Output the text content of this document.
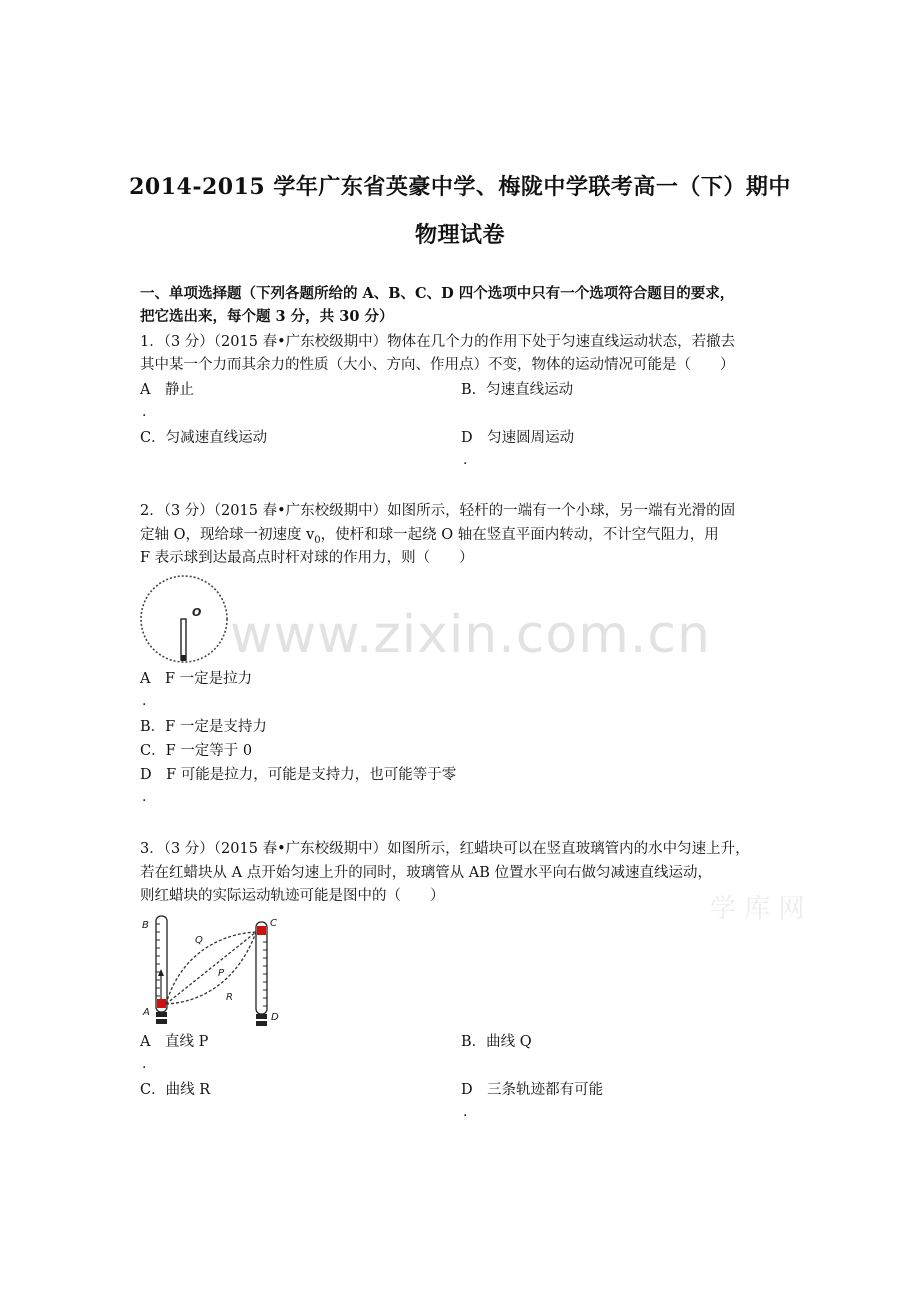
2014-2015 学年广东省英豪中学、梅陇中学联考高一（下）期中
物理试卷
一、单项选择题（下列各题所给的 A、B、C、D 四个选项中只有一个选项符合题目的要求，
把它选出来，每个题 3 分，共 30 分）
1．（3 分）（2015 春•广东校级期中）物体在几个力的作用下处于匀速直线运动状态，若撤去
其中某一个力而其余力的性质（大小、方向、作用点）不变，物体的运动情况可能是（　　）
A　静止	B．匀速直线运动
.
C．匀减速直线运动	D　匀速圆周运动
.
2．（3 分）（2015 春•广东校级期中）如图所示，轻杆的一端有一个小球，另一端有光滑的固
定轴 O，现给球一初速度 $v_0$，使杆和球一起绕 O 轴在竖直平面内转动，不计空气阻力，用
F 表示球到达最高点时杆对球的作用力，则（　　）
O
A　F 一定是拉力
.
B．F 一定是支持力
C．F 一定等于 0
D　F 可能是拉力，可能是支持力，也可能等于零
.
3．（3 分）（2015 春•广东校级期中）如图所示，红蜡块可以在竖直玻璃管内的水中匀速上升，
若在红蜡块从 A 点开始匀速上升的同时，玻璃管从 AB 位置水平向右做匀减速直线运动，
则红蜡块的实际运动轨迹可能是图中的（　　）
B	C
Q
P
R
A	D
A　直线 P	B．曲线 Q
.
C．曲线 R	D　三条轨迹都有可能
.
www.zixin.com.cn
学 库 网
